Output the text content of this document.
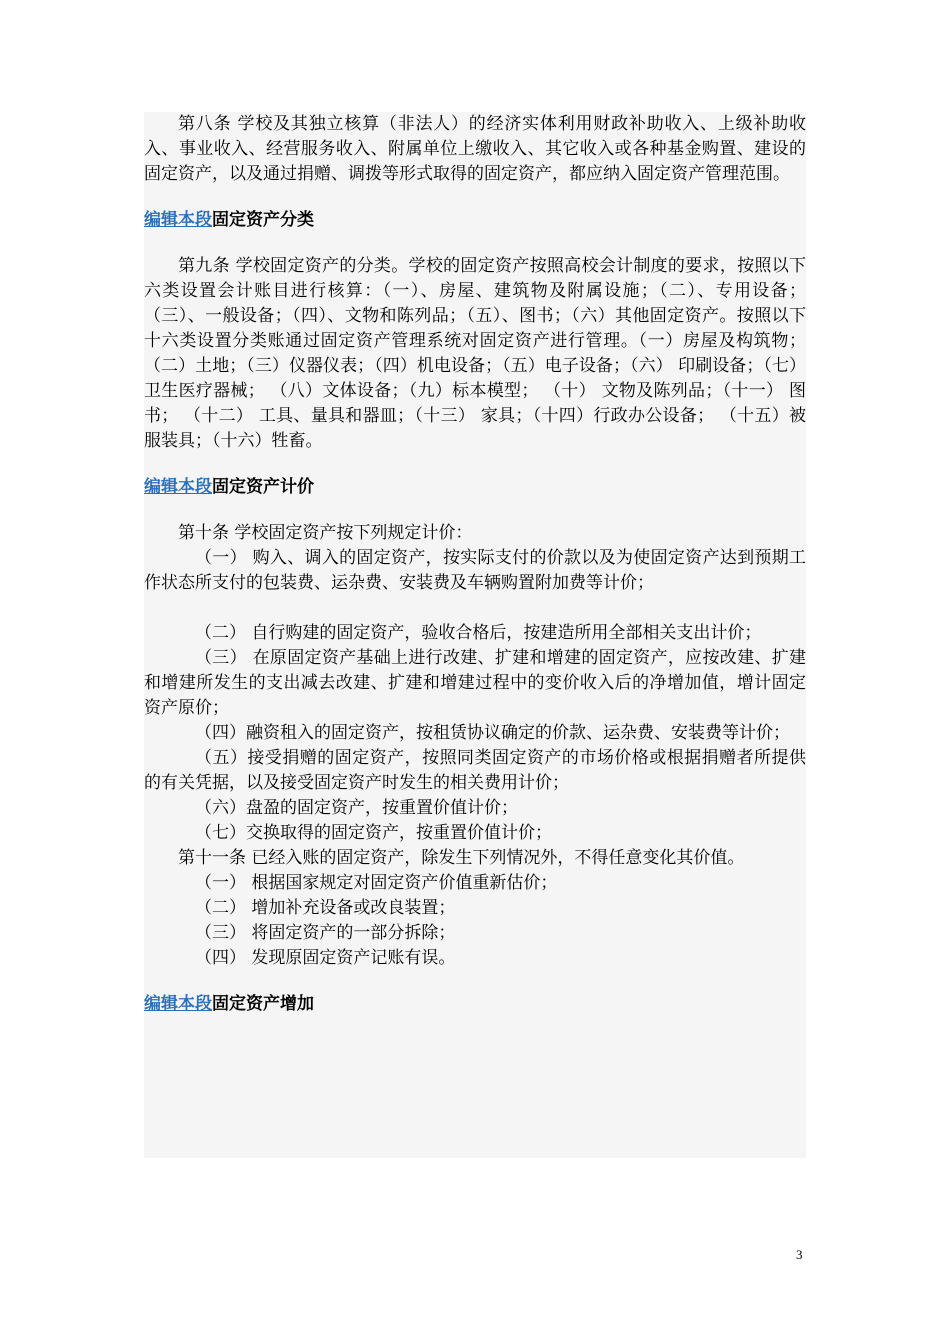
第八条 学校及其独立核算（非法人）的经济实体利用财政补助收入、上级补助收入、事业收入、经营服务收入、附属单位上缴收入、其它收入或各种基金购置、建设的固定资产，以及通过捐赠、调拨等形式取得的固定资产，都应纳入固定资产管理范围。

编辑本段固定资产分类

第九条 学校固定资产的分类。学校的固定资产按照高校会计制度的要求，按照以下六类设置会计账目进行核算：（一）、房屋、建筑物及附属设施；（二）、专用设备；（三）、一般设备；（四）、文物和陈列品；（五）、图书；（六）其他固定资产。按照以下十六类设置分类账通过固定资产管理系统对固定资产进行管理。（一）房屋及构筑物；（二）土地；（三）仪器仪表；（四）机电设备；（五）电子设备；（六） 印刷设备；（七）卫生医疗器械； （八）文体设备；（九）标本模型； （十） 文物及陈列品；（十一） 图书； （十二） 工具、量具和器皿；（十三） 家具；（十四）行政办公设备； （十五）被服装具；（十六）牲畜。

编辑本段固定资产计价

第十条 学校固定资产按下列规定计价：

（一） 购入、调入的固定资产，按实际支付的价款以及为使固定资产达到预期工作状态所支付的包装费、运杂费、安装费及车辆购置附加费等计价；

（二） 自行购建的固定资产，验收合格后，按建造所用全部相关支出计价；

（三） 在原固定资产基础上进行改建、扩建和增建的固定资产，应按改建、扩建和增建所发生的支出减去改建、扩建和增建过程中的变价收入后的净增加值，增计固定资产原价；

（四）融资租入的固定资产，按租赁协议确定的价款、运杂费、安装费等计价；

（五）接受捐赠的固定资产，按照同类固定资产的市场价格或根据捐赠者所提供的有关凭据，以及接受固定资产时发生的相关费用计价；

（六）盘盈的固定资产，按重置价值计价；

（七）交换取得的固定资产，按重置价值计价；

第十一条 已经入账的固定资产，除发生下列情况外，不得任意变化其价值。

（一） 根据国家规定对固定资产价值重新估价；

（二） 增加补充设备或改良装置；

（三） 将固定资产的一部分拆除；

（四） 发现原固定资产记账有误。

编辑本段固定资产增加
3
